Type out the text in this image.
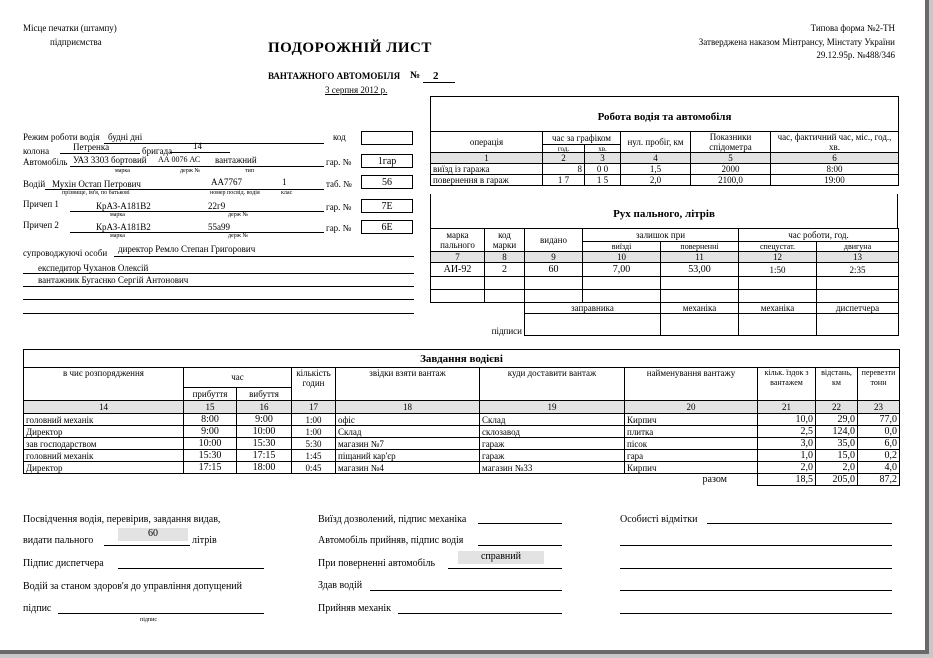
Місце печатки (штампу)
підприємства	ПОДОРОЖНІЙ ЛИСТ
ВАНТАЖНОГО АВТОМОБІЛЯ № 2
3 серпня 2012 р.
Типова форма №2-ТН
Затверджена наказом Мінтрансу, Мінстату України
29.12.95р. №488/346
Режим роботи водія будні дні	код
колона	Петренка	бригада 14
Автомобіль УАЗ 3303 бортовий АА 0076 АС вантажний
марка	держ №	тип
гар. №	1гар
Водій Мухін Остап Петрович	АА7767	1
прізвище, ім'я, по батькові	номер посвід. водія	клас
таб. №	56
Причеп 1	КрАЗ-А181В2	22г9
марка	держ №
гар. №	7Е
Причеп 2	КрАЗ-А181В2	55а99
марка	держ №
гар. №	6Е
супроводжуючі особи директор Ремло Степан Григорович
експедитор Чуханов Олексій
вантажник Бугаєнко Сергій Антонович
Робота водія та автомобіля					
операція	час за графіком		нул. пробіг, км	Показники спідометра	час, фактичний час, міс., год., хв.
	год.	хв.			
1	2	3	4	5	6
виїзд із гаража	8	0 0	1,5	2000	8:00
повернення в гараж	1 7	1 5	2,0	2100,0	19:00
Рух пального, літрів
марка пального	код марки	видано	залишок при		час роботи, год.	
			виїзді	поверненні	спецустат.	двигуна
7	8	9	10	11	12	13
АИ-92	2	60	7,00	53,00	1:50	2:35

		заправника		механіка	механіка	диспетчера
підписи						
Завдання водієві									
в чиє розпорядження	час		кількість годин	звідки взяти вантаж	куди доставити вантаж	найменування вантажу	кільк. їздок з вантажем	відстань, км	перевезти тонн
	прибуття	вибуття							
14	15	16	17	18	19	20	21	22	23
головний механік	8:00	9:00	1:00	офіс	Склад	Кирпич	10,0	29,0	77,0
Директор	9:00	10:00	1:00	Склад	склозавод	плитка	2,5	124,0	0,0
зав господарством	10:00	15:30	5:30	магазин №7	гараж	пісок	3,0	35,0	6,0
головний механік	15:30	17:15	1:45	піщаний кар'єр	гараж	гара	1,0	15,0	0,2
Директор	17:15	18:00	0:45	магазин №4	магазин №33	Кирпич	2,0	2,0	4,0
разом							18,5	205,0	87,2
Посвідчення водія, перевірив, завдання видав,
видати пального
60
літрів
Підпис диспетчера
Водій за станом здоров'я до управління допущений
підпис
підпис
Виїзд дозволений, підпис механіка
Автомобіль прийняв, підпис водія
При поверненні автомобіль
справний
Здав водій
Прийняв механік
Особисті відмітки
